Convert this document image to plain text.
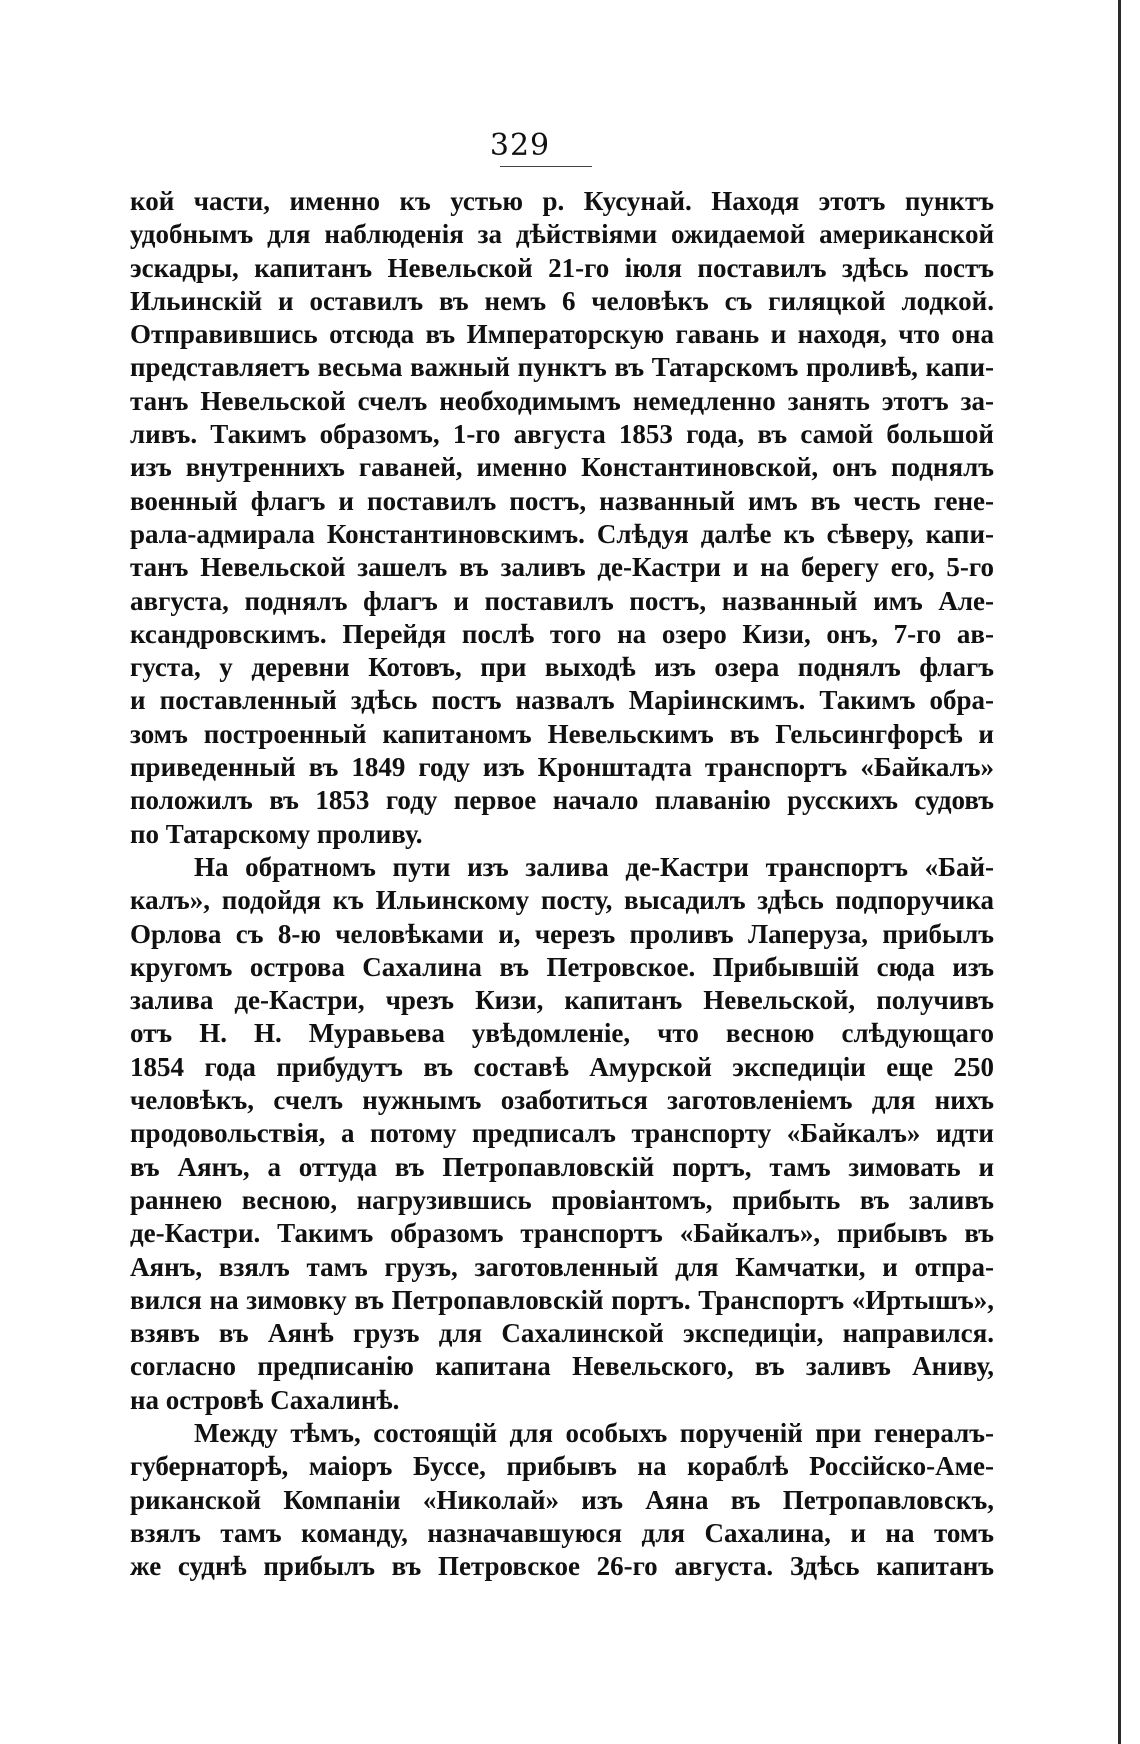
329
кой части, именно къ устью р. Кусунай. Находя этотъ пунктъ
удобнымъ для наблюденія за дѣйствіями ожидаемой американской
эскадры, капитанъ Невельской 21-го іюля поставилъ здѣсь постъ
Ильинскій и оставилъ въ немъ 6 человѣкъ съ гиляцкой лодкой.
Отправившись отсюда въ Императорскую гавань и находя, что она
представляетъ весьма важный пунктъ въ Татарскомъ проливѣ, капи-
танъ Невельской счелъ необходимымъ немедленно занять этотъ за-
ливъ. Такимъ образомъ, 1-го августа 1853 года, въ самой большой
изъ внутреннихъ гаваней, именно Константиновской, онъ поднялъ
военный флагъ и поставилъ постъ, названный имъ въ честь генe-
рала-адмирала Константиновскимъ. Слѣдуя далѣе къ сѣверу, капи-
танъ Невельской зашелъ въ заливъ де-Кастри и на берегу его, 5-го
августа, поднялъ флагъ и поставилъ постъ, названный имъ Але-
ксандровскимъ. Перейдя послѣ того на озеро Кизи, онъ, 7-го ав-
густа, у деревни Котовъ, при выходѣ изъ озера поднялъ флагъ
и поставленный здѣсь постъ назвалъ Маріинскимъ. Такимъ обра-
зомъ построенный капитаномъ Невельскимъ въ Гельсингфорсѣ и
приведенный въ 1849 году изъ Кронштадта транспортъ «Байкалъ»
положилъ въ 1853 году первое начало плаванію русскихъ судовъ
по Татарскому проливу.
На обратномъ пути изъ залива де-Кастри транспортъ «Бай-
калъ», подойдя къ Ильинскому посту, высадилъ здѣсь подпоручика
Орлова съ 8-ю человѣками и, черезъ проливъ Лаперуза, прибылъ
кругомъ острова Сахалина въ Петровское. Прибывшій сюда изъ
залива де-Кастри, чрезъ Кизи, капитанъ Невельской, получивъ
отъ Н. Н. Муравьева увѣдомленіе, что весною слѣдующаго
1854 года прибудутъ въ составѣ Амурской экспедиціи еще 250
человѣкъ, счелъ нужнымъ озаботиться заготовленіемъ для нихъ
продовольствія, а потому предписалъ транспорту «Байкалъ» идти
въ Аянъ, а оттуда въ Петропавловскій портъ, тамъ зимовать и
раннею весною, нагрузившись провіантомъ, прибыть въ заливъ
де-Кастри. Такимъ образомъ транспортъ «Байкалъ», прибывъ въ
Аянъ, взялъ тамъ грузъ, заготовленный для Камчатки, и отпра-
вился на зимовку въ Петропавловскій портъ. Транспортъ «Иртышъ»,
взявъ въ Аянѣ грузъ для Сахалинской экспедиціи, направился.
согласно предписанію капитана Невельского, въ заливъ Аниву,
на островѣ Сахалинѣ.
Между тѣмъ, состоящій для особыхъ порученій при генералъ-
губернаторѣ, маіоръ Буссе, прибывъ на кораблѣ Россійско-Аме-
риканской Компаніи «Николай» изъ Аяна въ Петропавловскъ,
взялъ тамъ команду, назначавшуюся для Сахалина, и на томъ
же суднѣ прибылъ въ Петровское 26-го августа. Здѣсь капитанъ
